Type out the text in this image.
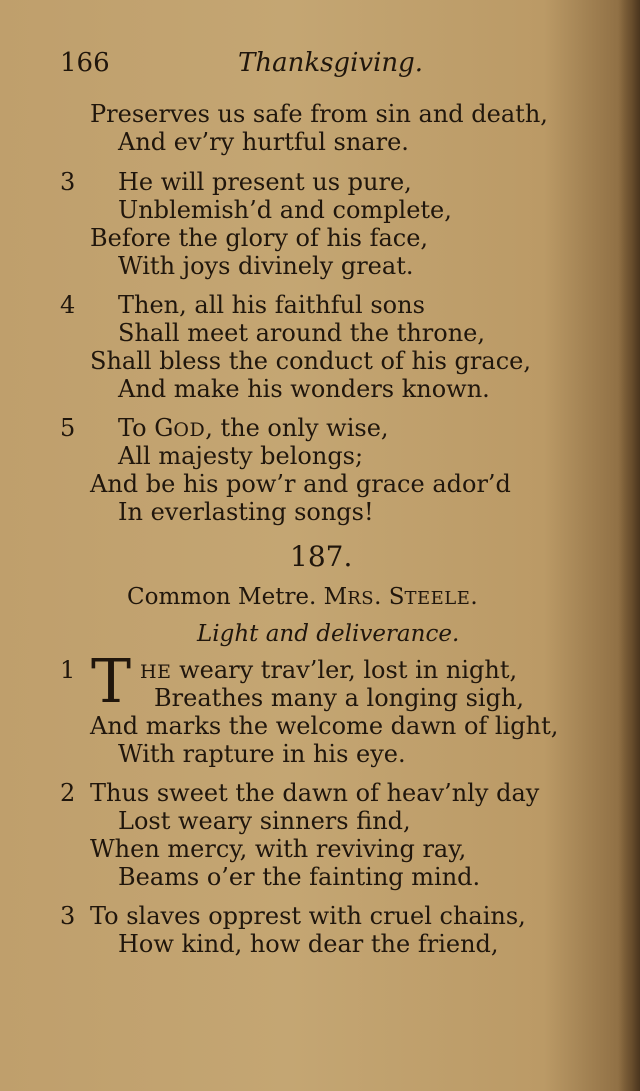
166	Thanksgiving.
Preserves us safe from sin and death,
And ev’ry hurtful snare.
3 He will present us pure,
Unblemish’d and complete,
Before the glory of his face,
With joys divinely great.
4 Then, all his faithful sons
Shall meet around the throne,
Shall bless the conduct of his grace,
And make his wonders known.
5 To GOD, the only wise,
All majesty belongs;
And be his pow’r and grace ador’d
In everlasting songs!
187.
Common Metre. MRS. STEELE.
Light and deliverance.
1 T HE weary trav’ler, lost in night,
Breathes many a longing sigh,
And marks the welcome dawn of light,
With rapture in his eye.
2 Thus sweet the dawn of heav’nly day
Lost weary sinners find,
When mercy, with reviving ray,
Beams o’er the fainting mind.
3 To slaves opprest with cruel chains,
How kind, how dear the friend,
